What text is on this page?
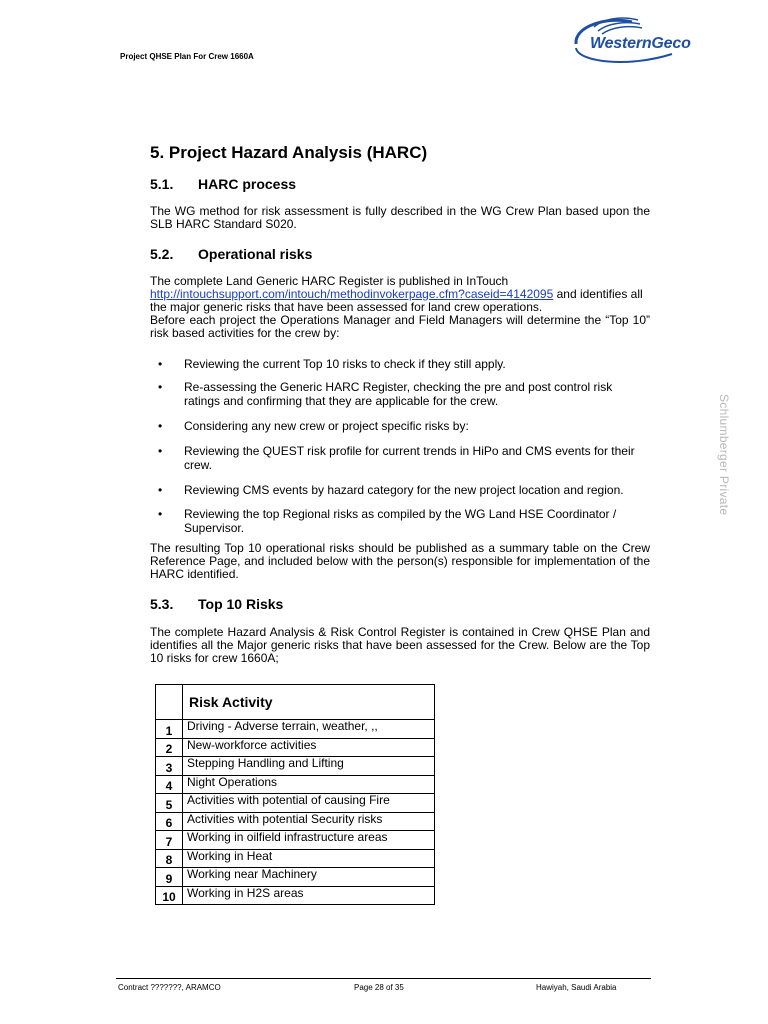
Project QHSE Plan For Crew 1660A
WesternGeco
Schlumberger Private
5. Project Hazard Analysis (HARC)
5.1. HARC process

The WG method for risk assessment is fully described in the WG Crew Plan based upon the SLB HARC Standard S020.

5.2. Operational risks

The complete Land Generic HARC Register is published in InTouch
http://intouchsupport.com/intouch/methodinvokerpage.cfm?caseid=4142095 and identifies all the major generic risks that have been assessed for land crew operations.

Before each project the Operations Manager and Field Managers will determine the “Top 10” risk based activities for the crew by:

• Reviewing the current Top 10 risks to check if they still apply.
• Re-assessing the Generic HARC Register, checking the pre and post control risk ratings and confirming that they are applicable for the crew.
• Considering any new crew or project specific risks by:
• Reviewing the QUEST risk profile for current trends in HiPo and CMS events for their crew.
• Reviewing CMS events by hazard category for the new project location and region.
• Reviewing the top Regional risks as compiled by the WG Land HSE Coordinator / Supervisor.

The resulting Top 10 operational risks should be published as a summary table on the Crew Reference Page, and included below with the person(s) responsible for implementation of the HARC identified.

5.3. Top 10 Risks

The complete Hazard Analysis & Risk Control Register is contained in Crew QHSE Plan and identifies all the Major generic risks that have been assessed for the Crew. Below are the Top 10 risks for crew 1660A;

	Risk Activity
1	Driving - Adverse terrain, weather, ,,
2	New-workforce activities
3	Stepping Handling and Lifting
4	Night Operations
5	Activities with potential of causing Fire
6	Activities with potential Security risks
7	Working in oilfield infrastructure areas
8	Working in Heat
9	Working near Machinery
10	Working in H2S areas
Contract ???????, ARAMCO	Page 28 of 35	Hawiyah, Saudi Arabia
